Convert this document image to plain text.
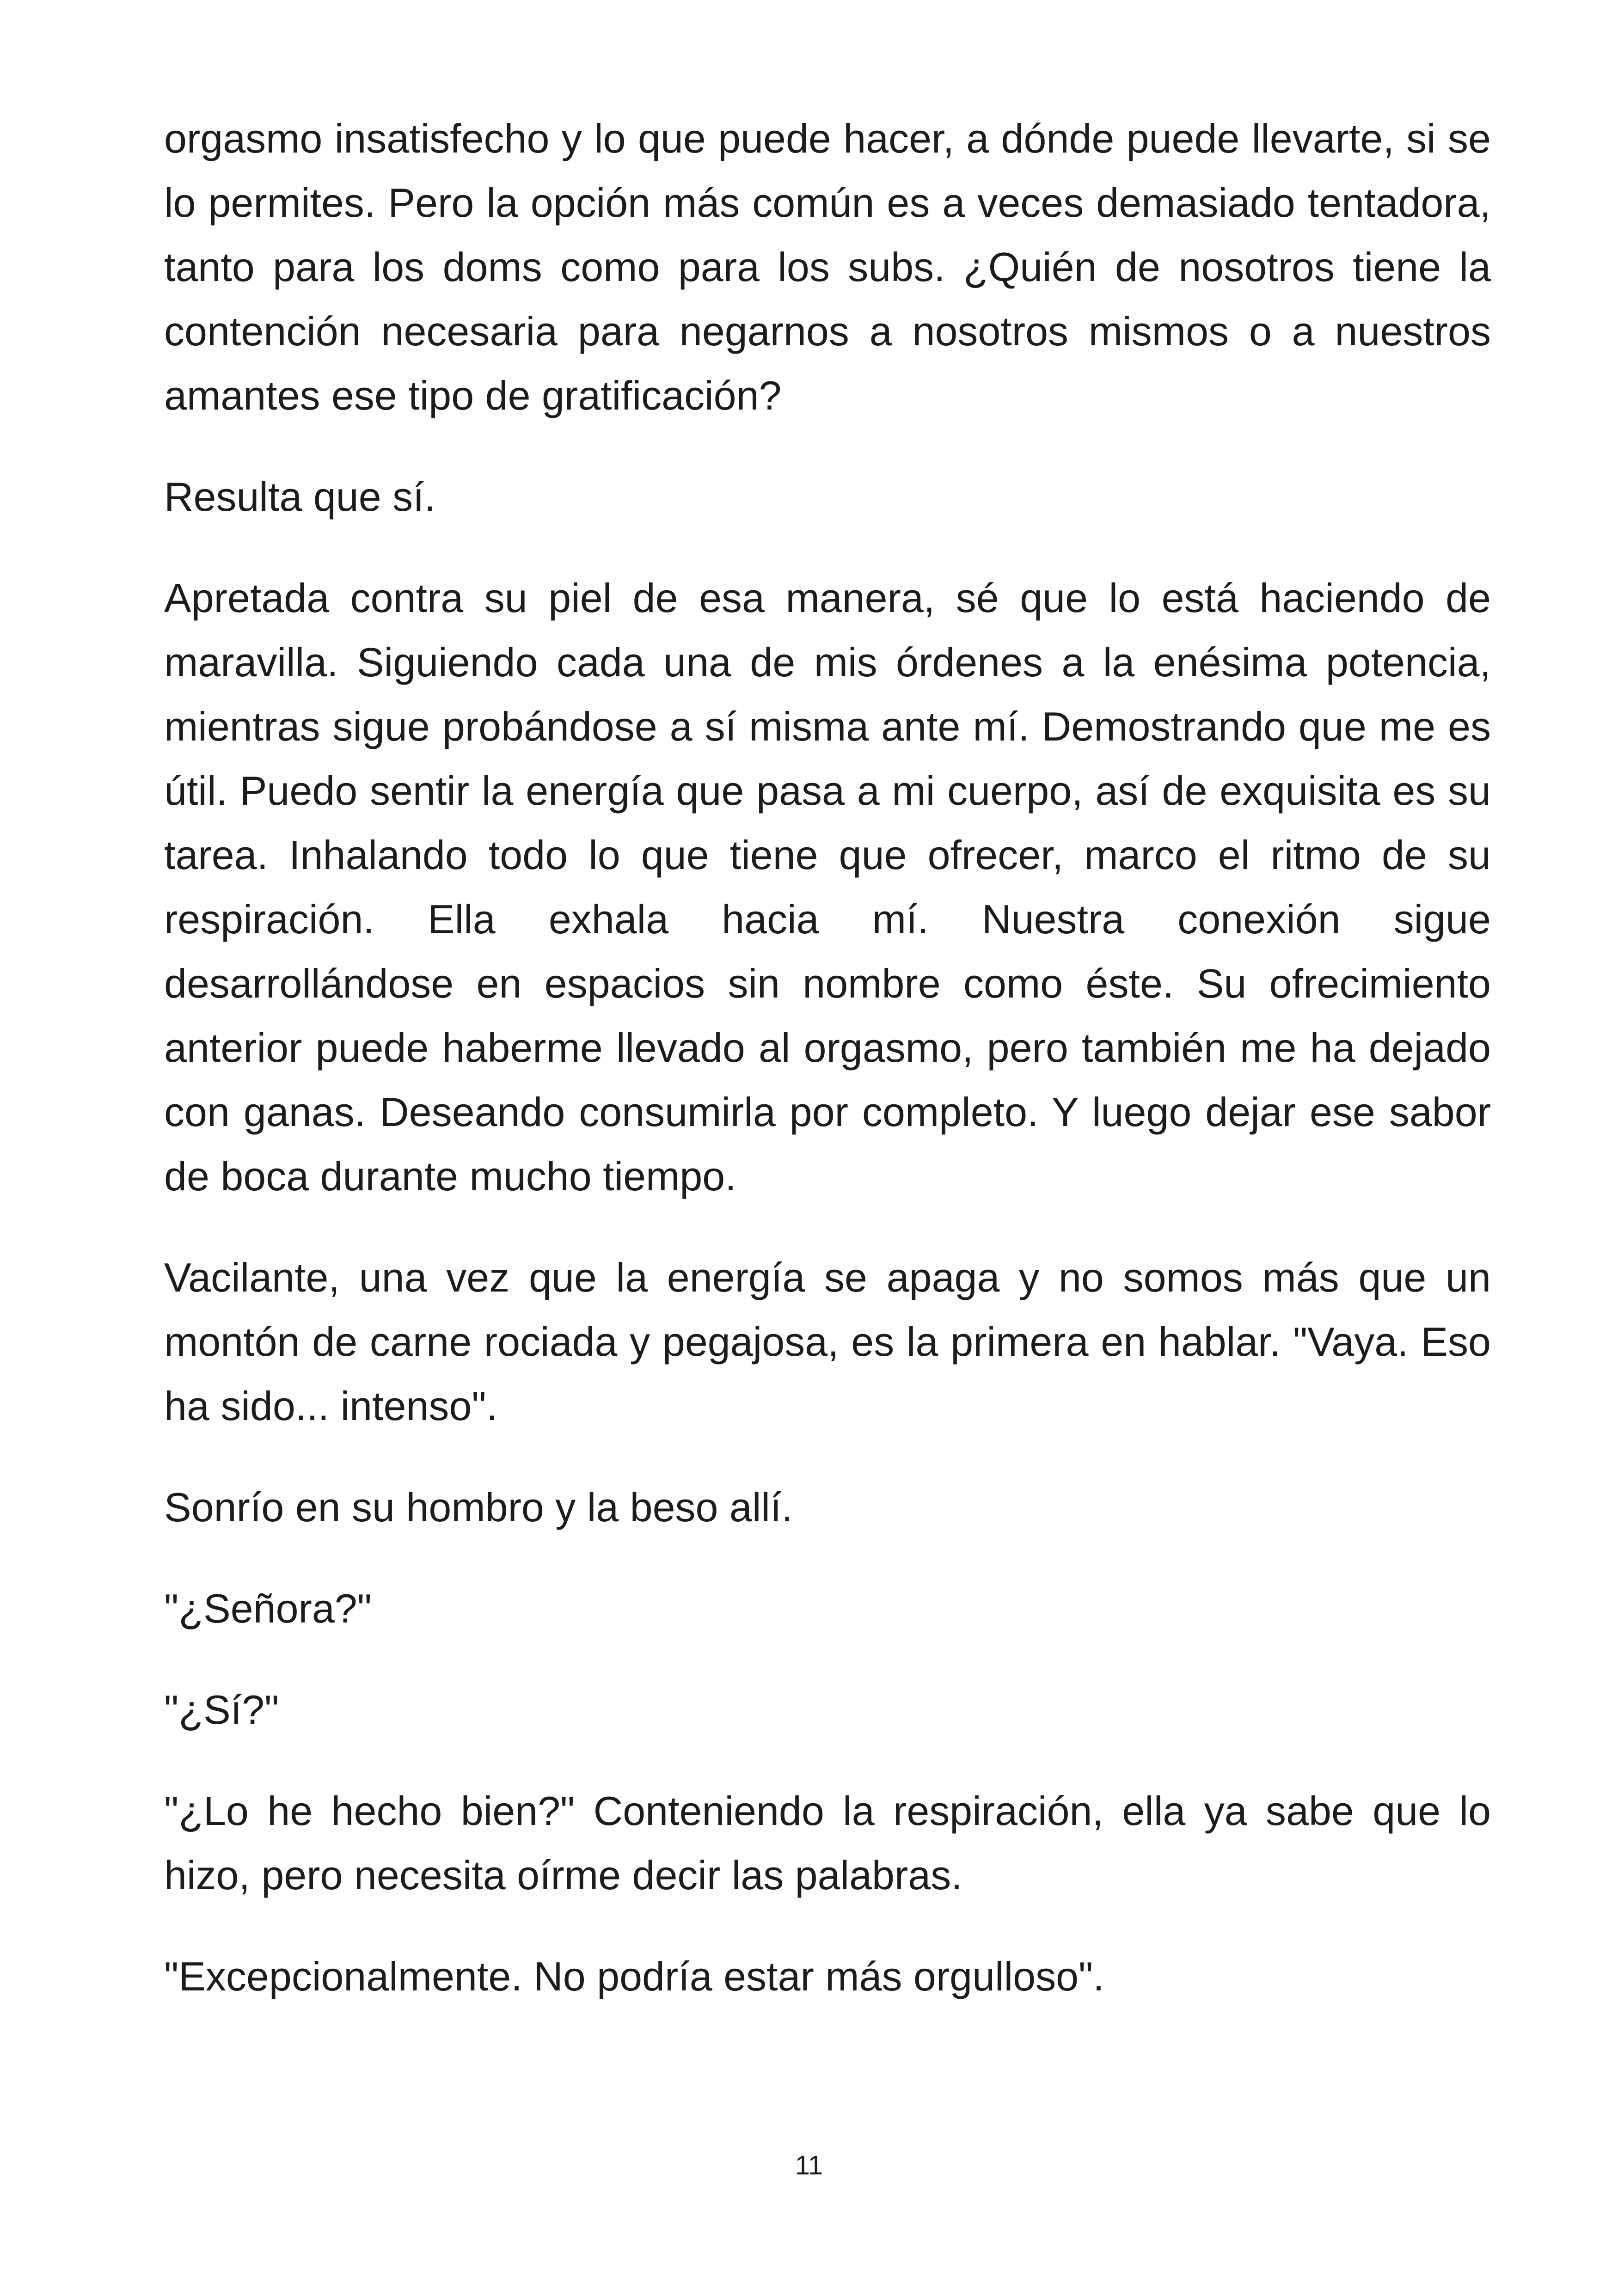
orgasmo insatisfecho y lo que puede hacer, a dónde puede llevarte, si se lo permites. Pero la opción más común es a veces demasiado tentadora, tanto para los doms como para los subs. ¿Quién de nosotros tiene la contención necesaria para negarnos a nosotros mismos o a nuestros amantes ese tipo de gratificación?

Resulta que sí.

Apretada contra su piel de esa manera, sé que lo está haciendo de maravilla. Siguiendo cada una de mis órdenes a la enésima potencia, mientras sigue probándose a sí misma ante mí. Demostrando que me es útil. Puedo sentir la energía que pasa a mi cuerpo, así de exquisita es su tarea. Inhalando todo lo que tiene que ofrecer, marco el ritmo de su respiración. Ella exhala hacia mí. Nuestra conexión sigue desarrollándose en espacios sin nombre como éste. Su ofrecimiento anterior puede haberme llevado al orgasmo, pero también me ha dejado con ganas. Deseando consumirla por completo. Y luego dejar ese sabor de boca durante mucho tiempo.

Vacilante, una vez que la energía se apaga y no somos más que un montón de carne rociada y pegajosa, es la primera en hablar. "Vaya. Eso ha sido... intenso".

Sonrío en su hombro y la beso allí.

"¿Señora?"

"¿Sí?"

"¿Lo he hecho bien?" Conteniendo la respiración, ella ya sabe que lo hizo, pero necesita oírme decir las palabras.

"Excepcionalmente. No podría estar más orgulloso".

11
